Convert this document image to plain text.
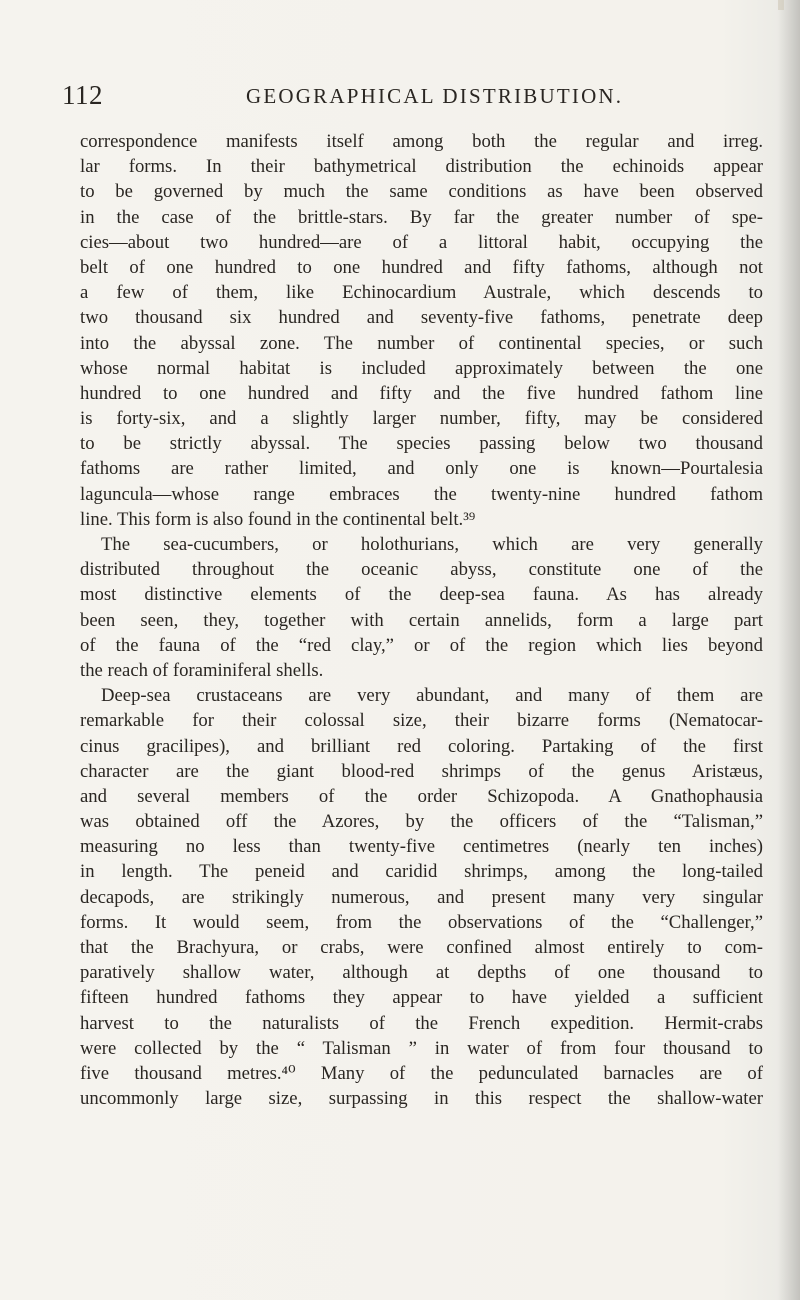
112	GEOGRAPHICAL DISTRIBUTION.
correspondence manifests itself among both the regular and irreg.
lar forms. In their bathymetrical distribution the echinoids appear
to be governed by much the same conditions as have been observed
in the case of the brittle-stars. By far the greater number of spe-
cies—about two hundred—are of a littoral habit, occupying the
belt of one hundred to one hundred and fifty fathoms, although not
a few of them, like Echinocardium Australe, which descends to
two thousand six hundred and seventy-five fathoms, penetrate deep
into the abyssal zone. The number of continental species, or such
whose normal habitat is included approximately between the one
hundred to one hundred and fifty and the five hundred fathom line
is forty-six, and a slightly larger number, fifty, may be considered
to be strictly abyssal. The species passing below two thousand
fathoms are rather limited, and only one is known—Pourtalesia
laguncula—whose range embraces the twenty-nine hundred fathom
line. This form is also found in the continental belt.³⁹
The sea-cucumbers, or holothurians, which are very generally
distributed throughout the oceanic abyss, constitute one of the
most distinctive elements of the deep-sea fauna. As has already
been seen, they, together with certain annelids, form a large part
of the fauna of the “red clay,” or of the region which lies beyond
the reach of foraminiferal shells.
Deep-sea crustaceans are very abundant, and many of them are
remarkable for their colossal size, their bizarre forms (Nematocar-
cinus gracilipes), and brilliant red coloring. Partaking of the first
character are the giant blood-red shrimps of the genus Aristæus,
and several members of the order Schizopoda. A Gnathophausia
was obtained off the Azores, by the officers of the “Talisman,”
measuring no less than twenty-five centimetres (nearly ten inches)
in length. The peneid and caridid shrimps, among the long-tailed
decapods, are strikingly numerous, and present many very singular
forms. It would seem, from the observations of the “Challenger,”
that the Brachyura, or crabs, were confined almost entirely to com-
paratively shallow water, although at depths of one thousand to
fifteen hundred fathoms they appear to have yielded a sufficient
harvest to the naturalists of the French expedition. Hermit-crabs
were collected by the “ Talisman ” in water of from four thousand to
five thousand metres.⁴⁰ Many of the pedunculated barnacles are of
uncommonly large size, surpassing in this respect the shallow-water
